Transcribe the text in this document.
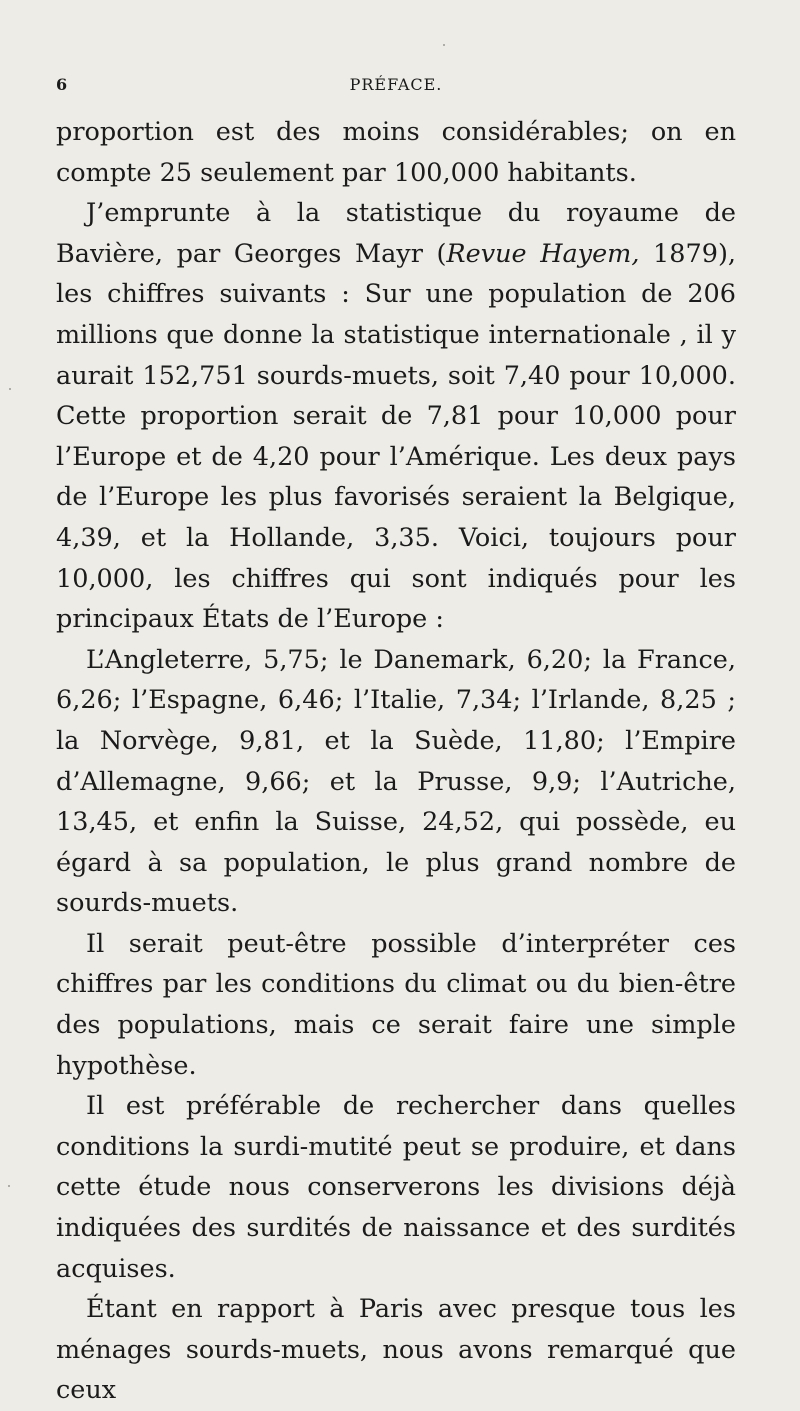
6	PRÉFACE.

proportion est des moins considérables; on en compte 25 seulement par 100,000 habitants.

J’emprunte à la statistique du royaume de Bavière, par Georges Mayr (Revue Hayem, 1879), les chiffres suivants : Sur une population de 206 millions que donne la statistique internationale , il y aurait 152,751 sourds-muets, soit 7,40 pour 10,000. Cette proportion serait de 7,81 pour 10,000 pour l’Europe et de 4,20 pour l’Amérique. Les deux pays de l’Europe les plus favorisés seraient la Belgique, 4,39, et la Hollande, 3,35. Voici, toujours pour 10,000, les chiffres qui sont indiqués pour les principaux États de l’Europe :

L’Angleterre, 5,75; le Danemark, 6,20; la France, 6,26; l’Espagne, 6,46; l’Italie, 7,34; l’Irlande, 8,25 ; la Norvège, 9,81, et la Suède, 11,80; l’Empire d’Allemagne, 9,66; et la Prusse, 9,9; l’Autriche, 13,45, et enfin la Suisse, 24,52, qui possède, eu égard à sa population, le plus grand nombre de sourds-muets.

Il serait peut-être possible d’interpréter ces chiffres par les conditions du climat ou du bien-être des populations, mais ce serait faire une simple hypothèse.

Il est préférable de rechercher dans quelles conditions la surdi-mutité peut se produire, et dans cette étude nous conserverons les divisions déjà indiquées des surdités de naissance et des surdités acquises.

Étant en rapport à Paris avec presque tous les ménages sourds-muets, nous avons remarqué que ceux
